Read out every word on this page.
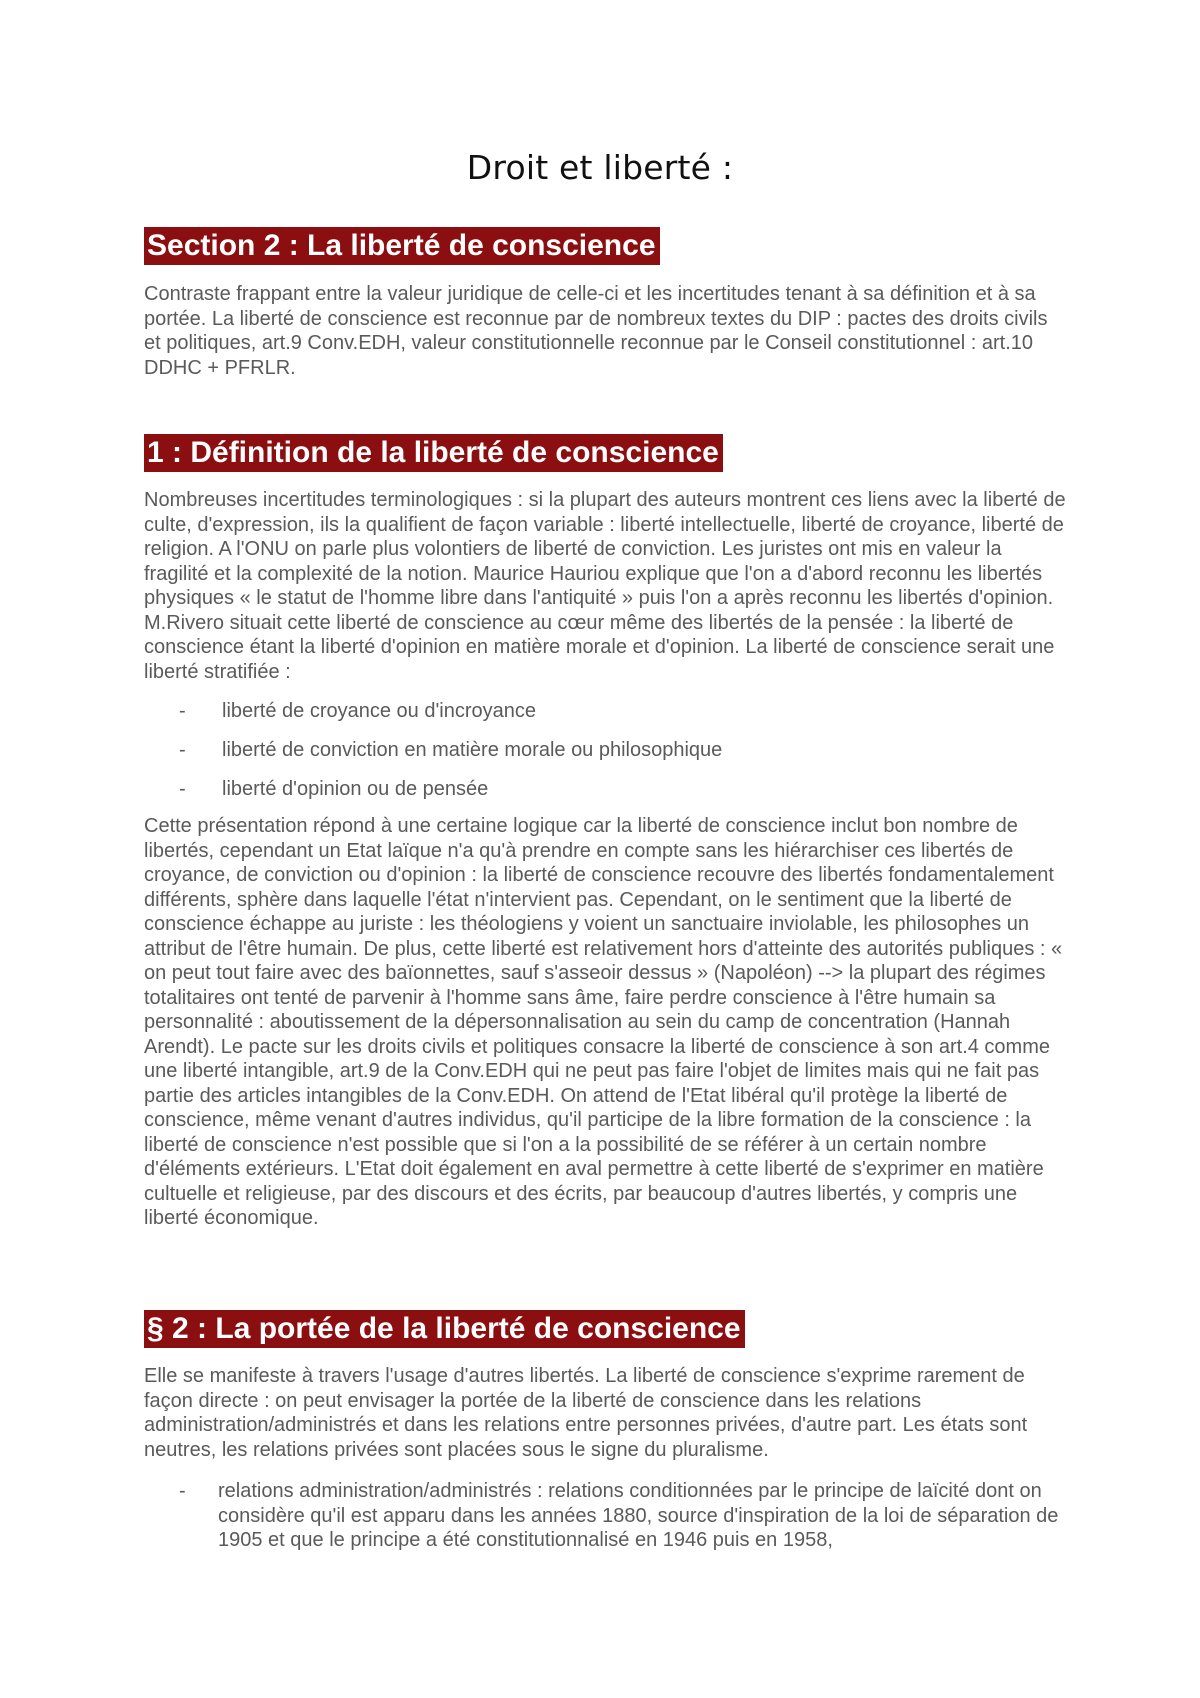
Droit et liberté :
Section 2 : La liberté de conscience

Contraste frappant entre la valeur juridique de celle-ci et les incertitudes tenant à sa définition et à sa portée. La liberté de conscience est reconnue par de nombreux textes du DIP : pactes des droits civils et politiques, art.9 Conv.EDH, valeur constitutionnelle reconnue par le Conseil constitutionnel : art.10 DDHC + PFRLR.

1 : Définition de la liberté de conscience

Nombreuses incertitudes terminologiques : si la plupart des auteurs montrent ces liens avec la liberté de culte, d'expression, ils la qualifient de façon variable : liberté intellectuelle, liberté de croyance, liberté de religion. A l'ONU on parle plus volontiers de liberté de conviction. Les juristes ont mis en valeur la fragilité et la complexité de la notion. Maurice Hauriou explique que l'on a d'abord reconnu les libertés physiques « le statut de l'homme libre dans l'antiquité » puis l'on a après reconnu les libertés d'opinion. M.Rivero situait cette liberté de conscience au cœur même des libertés de la pensée : la liberté de conscience étant la liberté d'opinion en matière morale et d'opinion. La liberté de conscience serait une liberté stratifiée :

- liberté de croyance ou d'incroyance
- liberté de conviction en matière morale ou philosophique
- liberté d'opinion ou de pensée

Cette présentation répond à une certaine logique car la liberté de conscience inclut bon nombre de libertés, cependant un Etat laïque n'a qu'à prendre en compte sans les hiérarchiser ces libertés de croyance, de conviction ou d'opinion : la liberté de conscience recouvre des libertés fondamentalement différents, sphère dans laquelle l'état n'intervient pas. Cependant, on le sentiment que la liberté de conscience échappe au juriste : les théologiens y voient un sanctuaire inviolable, les philosophes un attribut de l'être humain. De plus, cette liberté est relativement hors d'atteinte des autorités publiques : « on peut tout faire avec des baïonnettes, sauf s'asseoir dessus » (Napoléon) --> la plupart des régimes totalitaires ont tenté de parvenir à l'homme sans âme, faire perdre conscience à l'être humain sa personnalité : aboutissement de la dépersonnalisation au sein du camp de concentration (Hannah Arendt). Le pacte sur les droits civils et politiques consacre la liberté de conscience à son art.4 comme une liberté intangible, art.9 de la Conv.EDH qui ne peut pas faire l'objet de limites mais qui ne fait pas partie des articles intangibles de la Conv.EDH. On attend de l'Etat libéral qu'il protège la liberté de conscience, même venant d'autres individus, qu'il participe de la libre formation de la conscience : la liberté de conscience n'est possible que si l'on a la possibilité de se référer à un certain nombre d'éléments extérieurs. L'Etat doit également en aval permettre à cette liberté de s'exprimer en matière cultuelle et religieuse, par des discours et des écrits, par beaucoup d'autres libertés, y compris une liberté économique.

§ 2 : La portée de la liberté de conscience

Elle se manifeste à travers l'usage d'autres libertés. La liberté de conscience s'exprime rarement de façon directe : on peut envisager la portée de la liberté de conscience dans les relations administration/administrés et dans les relations entre personnes privées, d'autre part. Les états sont neutres, les relations privées sont placées sous le signe du pluralisme.

- relations administration/administrés : relations conditionnées par le principe de laïcité dont on considère qu'il est apparu dans les années 1880, source d'inspiration de la loi de séparation de 1905 et que le principe a été constitutionnalisé en 1946 puis en 1958,
